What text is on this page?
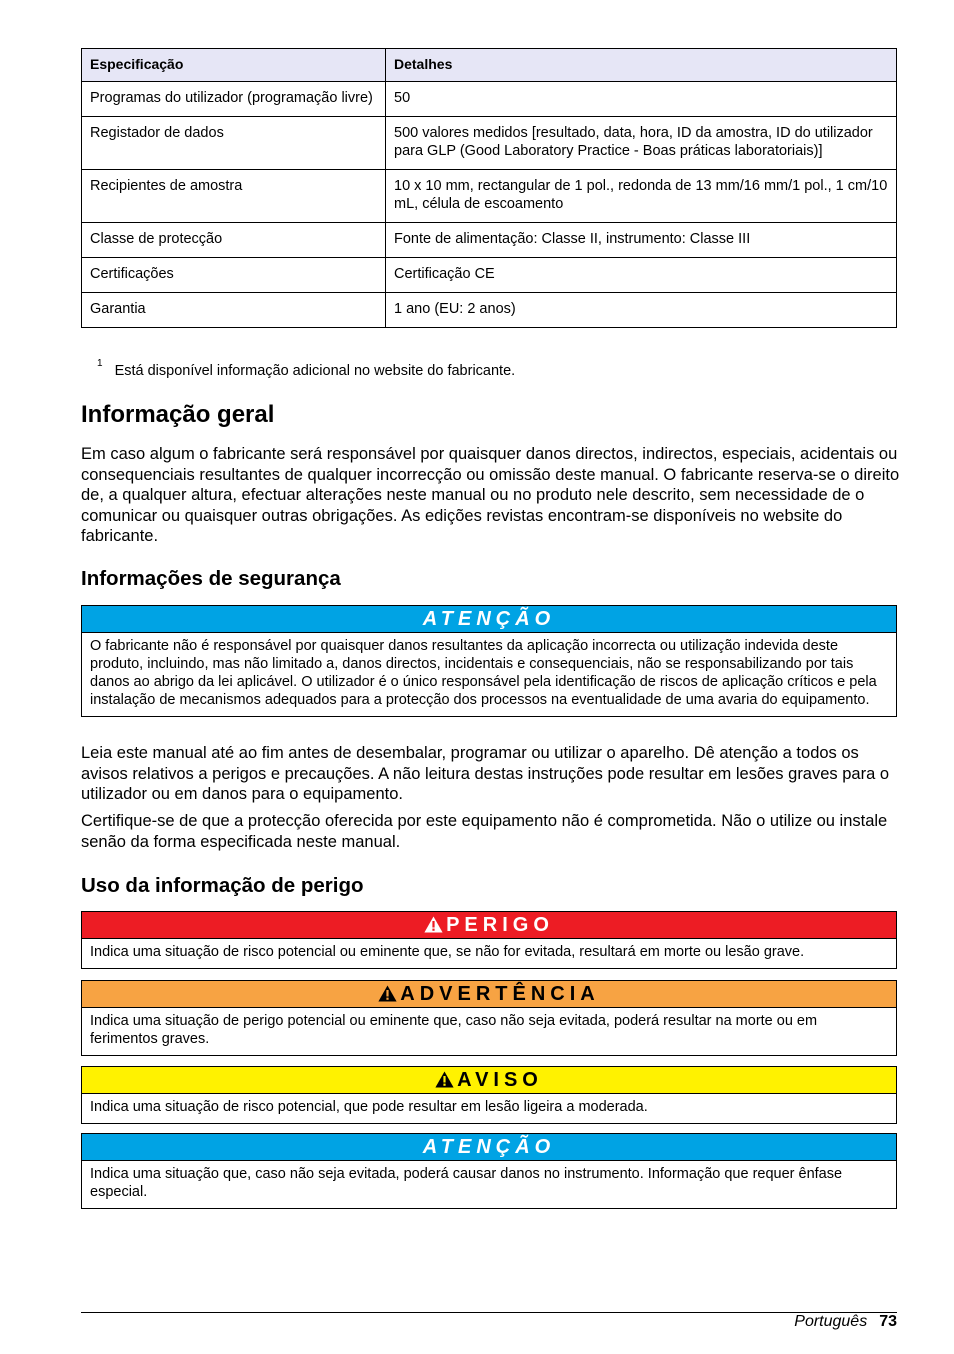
Especificação	Detalhes
Programas do utilizador (programação livre)	50
Registador de dados	500 valores medidos [resultado, data, hora, ID da amostra, ID do utilizador para GLP (Good Laboratory Practice - Boas práticas laboratoriais)]
Recipientes de amostra	10 x 10 mm, rectangular de 1 pol., redonda de 13 mm/16 mm/1 pol., 1 cm/10 mL, célula de escoamento
Classe de protecção	Fonte de alimentação: Classe II, instrumento: Classe III
Certificações	Certificação CE
Garantia	1 ano (EU: 2 anos)
$^1$ Está disponível informação adicional no website do fabricante.
Informação geral

Em caso algum o fabricante será responsável por quaisquer danos directos, indirectos, especiais, acidentais ou consequenciais resultantes de qualquer incorrecção ou omissão deste manual. O fabricante reserva-se o direito de, a qualquer altura, efectuar alterações neste manual ou no produto nele descrito, sem necessidade de o comunicar ou quaisquer outras obrigações. As edições revistas encontram-se disponíveis no website do fabricante.

Informações de segurança
ATENÇÃO
O fabricante não é responsável por quaisquer danos resultantes da aplicação incorrecta ou utilização indevida deste produto, incluindo, mas não limitado a, danos directos, incidentais e consequenciais, não se responsabilizando por tais danos ao abrigo da lei aplicável. O utilizador é o único responsável pela identificação de riscos de aplicação críticos e pela instalação de mecanismos adequados para a protecção dos processos na eventualidade de uma avaria do equipamento.

Leia este manual até ao fim antes de desembalar, programar ou utilizar o aparelho. Dê atenção a todos os avisos relativos a perigos e precauções. A não leitura destas instruções pode resultar em lesões graves para o utilizador ou em danos para o equipamento.

Certifique-se de que a protecção oferecida por este equipamento não é comprometida. Não o utilize ou instale senão da forma especificada neste manual.

Uso da informação de perigo
PERIGO
Indica uma situação de risco potencial ou eminente que, se não for evitada, resultará em morte ou lesão grave.
ADVERTÊNCIA
Indica uma situação de perigo potencial ou eminente que, caso não seja evitada, poderá resultar na morte ou em ferimentos graves.
AVISO
Indica uma situação de risco potencial, que pode resultar em lesão ligeira a moderada.
ATENÇÃO
Indica uma situação que, caso não seja evitada, poderá causar danos no instrumento. Informação que requer ênfase especial.
Português 73
